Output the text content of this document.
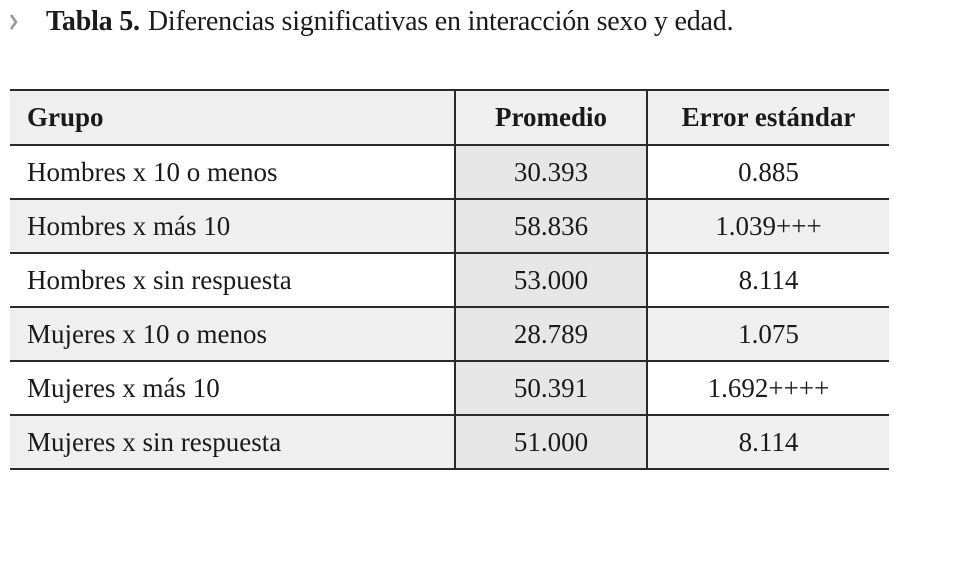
Tabla 5. Diferencias significativas en interacción sexo y edad.
Grupo	Promedio	Error estándar
Hombres x 10 o menos	30.393	0.885
Hombres x más 10	58.836	1.039+++
Hombres x sin respuesta	53.000	8.114
Mujeres x 10 o menos	28.789	1.075
Mujeres x más 10	50.391	1.692++++
Mujeres x sin respuesta	51.000	8.114
